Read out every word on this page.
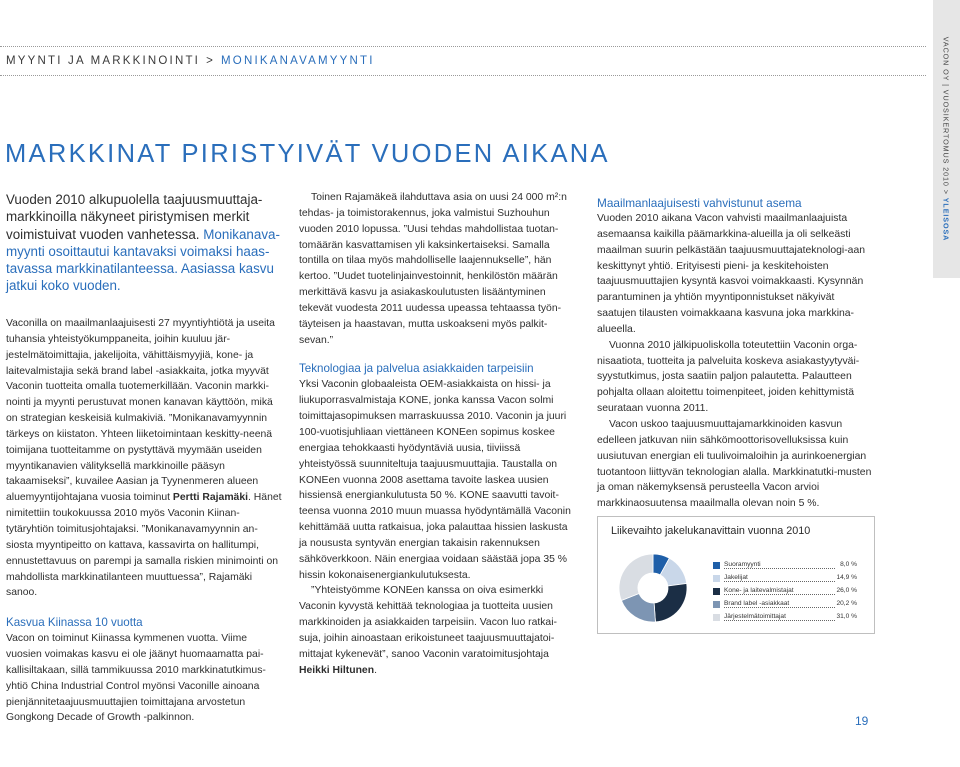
MYYNTI JA MARKKINOINTI > MONIKANAVAMYYNTI	VACON OY | VUOSIKERTOMUS 2010 > YLEISOSA
MARKKINAT PIRISTYIVÄT VUODEN AIKANA
Vuoden 2010 alkupuolella taajuusmuuttaja-markkinoilla näkyneet piristymisen merkit voimistuivat vuoden vanhetessa. Monikanava-myynti osoittautui kantavaksi voimaksi haas-tavassa markkinatilanteessa. Aasiassa kasvu jatkui koko vuoden.

Vaconilla on maailmanlaajuisesti 27 myyntiyhtiötä ja useita tuhansia yhteistyökumppaneita, joihin kuuluu jär-jestelmätoimittajia, jakelijoita, vähittäismyyjiä, kone- ja laitevalmistajia sekä brand label -asiakkaita, jotka myyvät Vaconin tuotteita omalla tuotemerkillään. Vaconin markki-nointi ja myynti perustuvat monen kanavan käyttöön, mikä on strategian keskeisiä kulmakiviä. ”Monikanavamyynnin tärkeys on kiistaton. Yhteen liiketoimintaan keskitty-neenä toimijana tuotteitamme on pystyttävä myymään useiden myyntikanavien välityksellä markkinoille pääsyn takaamiseksi”, kuvailee Aasian ja Tyynenmeren alueen aluemyyntijohtajana vuosia toiminut Pertti Rajamäki. Hänet nimitettiin toukokuussa 2010 myös Vaconin Kiinan-tytäryhtiön toimitusjohtajaksi. ”Monikanavamyynnin an-siosta myyntipeitto on kattava, kassavirta on hallitumpi, ennustettavuus on parempi ja samalla riskien minimointi on mahdollista markkinatilanteen muuttuessa”, Rajamäki sanoo.

Kasvua Kiinassa 10 vuotta

Vacon on toiminut Kiinassa kymmenen vuotta. Viime vuosien voimakas kasvu ei ole jäänyt huomaamatta pai-kallisiltakaan, sillä tammikuussa 2010 markkinatutkimus-yhtiö China Industrial Control myönsi Vaconille ainoana pienjännitetaajuusmuuttajien toimittajana arvostetun Gongkong Decade of Growth -palkinnon.

Toinen Rajamäkeä ilahduttava asia on uusi 24 000 m²:n tehdas- ja toimistorakennus, joka valmistui Suzhouhun vuoden 2010 lopussa. ”Uusi tehdas mahdollistaa tuotan-tomäärän kasvattamisen yli kaksinkertaiseksi. Samalla tontilla on tilaa myös mahdolliselle laajennukselle”, hän kertoo. ”Uudet tuotelinjainvestoinnit, henkilöstön määrän merkittävä kasvu ja asiakaskoulutusten lisääntyminen tekevät vuodesta 2011 uudessa upeassa tehtaassa työn-täyteisen ja haastavan, mutta uskoakseni myös palkit-sevan.”

Teknologiaa ja palvelua asiakkaiden tarpeisiin

Yksi Vaconin globaaleista OEM-asiakkaista on hissi- ja liukuporrasvalmistaja KONE, jonka kanssa Vacon solmi toimittajasopimuksen marraskuussa 2010. Vaconin ja juuri 100-vuotisjuhliaan viettäneen KONEen sopimus koskee energiaa tehokkaasti hyödyntäviä uusia, tiiviissä yhteistyössä suunniteltuja taajuusmuuttajia. Taustalla on KONEen vuonna 2008 asettama tavoite laskea uusien hissiensä energiankulutusta 50 %. KONE saavutti tavoit-teensa vuonna 2010 muun muassa hyödyntämällä Vaconin kehittämää uutta ratkaisua, joka palauttaa hissien laskusta ja noususta syntyvän energian takaisin rakennuksen sähköverkkoon. Näin energiaa voidaan säästää jopa 35 % hissin kokonaisenergiankulutuksesta.

”Yhteistyömme KONEen kanssa on oiva esimerkki Vaconin kyvystä kehittää teknologiaa ja tuotteita uusien markkinoiden ja asiakkaiden tarpeisiin. Vacon luo ratkai-suja, joihin ainoastaan erikoistuneet taajuusmuuttajatoi-mittajat kykenevät”, sanoo Vaconin varatoimitusjohtaja Heikki Hiltunen.

Maailmanlaajuisesti vahvistunut asema

Vuoden 2010 aikana Vacon vahvisti maailmanlaajuista asemaansa kaikilla päämarkkina-alueilla ja oli selkeästi maailman suurin pelkästään taajuusmuuttajateknologi-aan keskittynyt yhtiö. Erityisesti pieni- ja keskitehoisten taajuusmuuttajien kysyntä kasvoi voimakkaasti. Kysynnän parantuminen ja yhtiön myyntiponnistukset näkyivät saatujen tilausten voimakkaana kasvuna joka markkina-alueella.

Vuonna 2010 jälkipuoliskolla toteutettiin Vaconin orga-nisaatiota, tuotteita ja palveluita koskeva asiakastyytyväi-syystutkimus, josta saatiin paljon palautetta. Palautteen pohjalta ollaan aloitettu toimenpiteet, joiden kehittymistä seurataan vuonna 2011.

Vacon uskoo taajuusmuuttajamarkkinoiden kasvun edelleen jatkuvan niin sähkömoottorisovelluksissa kuin uusiutuvan energian eli tuulivoimaloihin ja aurinkoenergian tuotantoon liittyvän teknologian alalla. Markkinatutki-musten ja oman näkemyksensä perusteella Vacon arvioi markkinaosuutensa maailmalla olevan noin 5 %.

Liikevaihto jakelukanavittain vuonna 2010
Suoramyynti	8,0 %
Jakelijat	14,9 %
Kone- ja laitevalmistajat	26,0 %
Brand label -asiakkaat	20,2 %
Järjestelmätoimittajat	31,0 %
19
